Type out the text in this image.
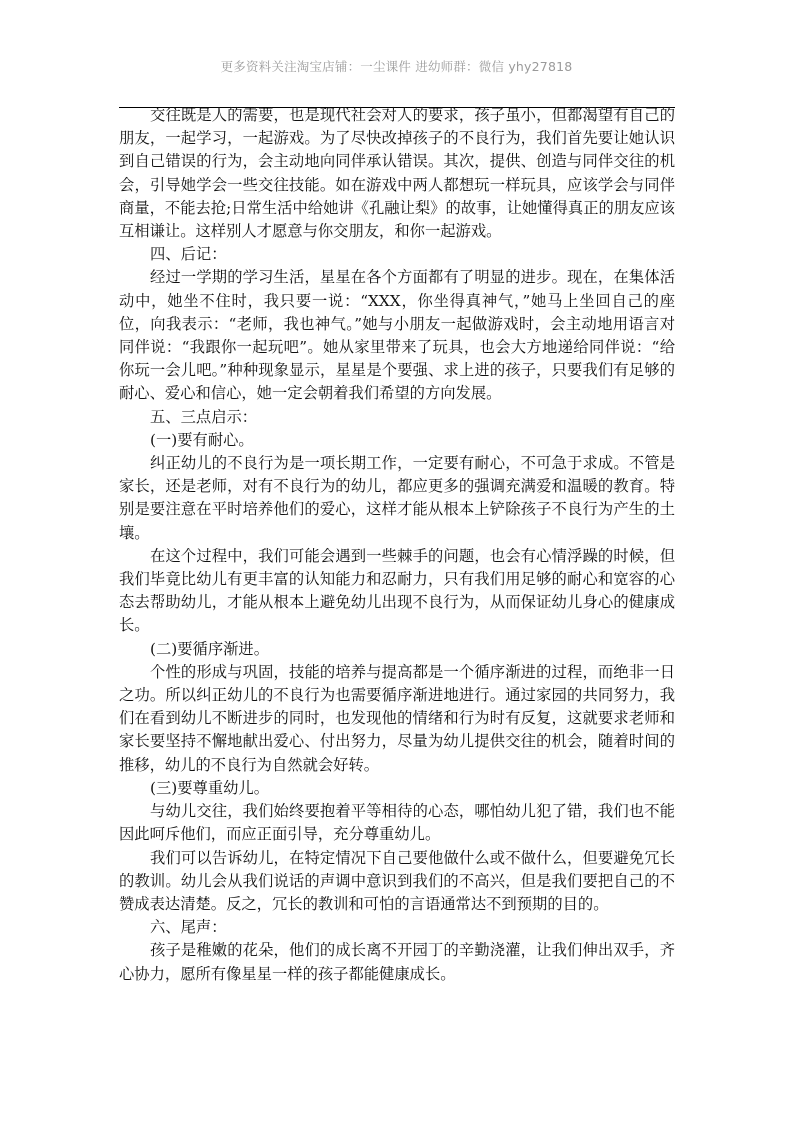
更多资料关注淘宝店铺：一尘课件 进幼师群：微信 yhy27818

交往既是人的需要，也是现代社会对人的要求，孩子虽小，但都渴望有自己的朋友，一起学习，一起游戏。为了尽快改掉孩子的不良行为，我们首先要让她认识到自己错误的行为，会主动地向同伴承认错误。其次，提供、创造与同伴交往的机会，引导她学会一些交往技能。如在游戏中两人都想玩一样玩具，应该学会与同伴商量，不能去抢;日常生活中给她讲《孔融让梨》的故事，让她懂得真正的朋友应该互相谦让。这样别人才愿意与你交朋友，和你一起游戏。

四、后记：

经过一学期的学习生活，星星在各个方面都有了明显的进步。现在，在集体活动中，她坐不住时，我只要一说：“XXX，你坐得真神气，”她马上坐回自己的座位，向我表示：“老师，我也神气。”她与小朋友一起做游戏时，会主动地用语言对同伴说：“我跟你一起玩吧”。她从家里带来了玩具，也会大方地递给同伴说：“给你玩一会儿吧。”种种现象显示，星星是个要强、求上进的孩子，只要我们有足够的耐心、爱心和信心，她一定会朝着我们希望的方向发展。

五、三点启示：

(一)要有耐心。

纠正幼儿的不良行为是一项长期工作，一定要有耐心，不可急于求成。不管是家长，还是老师，对有不良行为的幼儿，都应更多的强调充满爱和温暖的教育。特别是要注意在平时培养他们的爱心，这样才能从根本上铲除孩子不良行为产生的土壤。

在这个过程中，我们可能会遇到一些棘手的问题，也会有心情浮躁的时候，但我们毕竟比幼儿有更丰富的认知能力和忍耐力，只有我们用足够的耐心和宽容的心态去帮助幼儿，才能从根本上避免幼儿出现不良行为，从而保证幼儿身心的健康成长。

(二)要循序渐进。

个性的形成与巩固，技能的培养与提高都是一个循序渐进的过程，而绝非一日之功。所以纠正幼儿的不良行为也需要循序渐进地进行。通过家园的共同努力，我们在看到幼儿不断进步的同时，也发现他的情绪和行为时有反复，这就要求老师和家长要坚持不懈地献出爱心、付出努力，尽量为幼儿提供交往的机会，随着时间的推移，幼儿的不良行为自然就会好转。

(三)要尊重幼儿。

与幼儿交往，我们始终要抱着平等相待的心态，哪怕幼儿犯了错，我们也不能因此呵斥他们，而应正面引导，充分尊重幼儿。

我们可以告诉幼儿，在特定情况下自己要他做什么或不做什么，但要避免冗长的教训。幼儿会从我们说话的声调中意识到我们的不高兴，但是我们要把自己的不赞成表达清楚。反之，冗长的教训和可怕的言语通常达不到预期的目的。

六、尾声：

孩子是稚嫩的花朵，他们的成长离不开园丁的辛勤浇灌，让我们伸出双手，齐心协力，愿所有像星星一样的孩子都能健康成长。
